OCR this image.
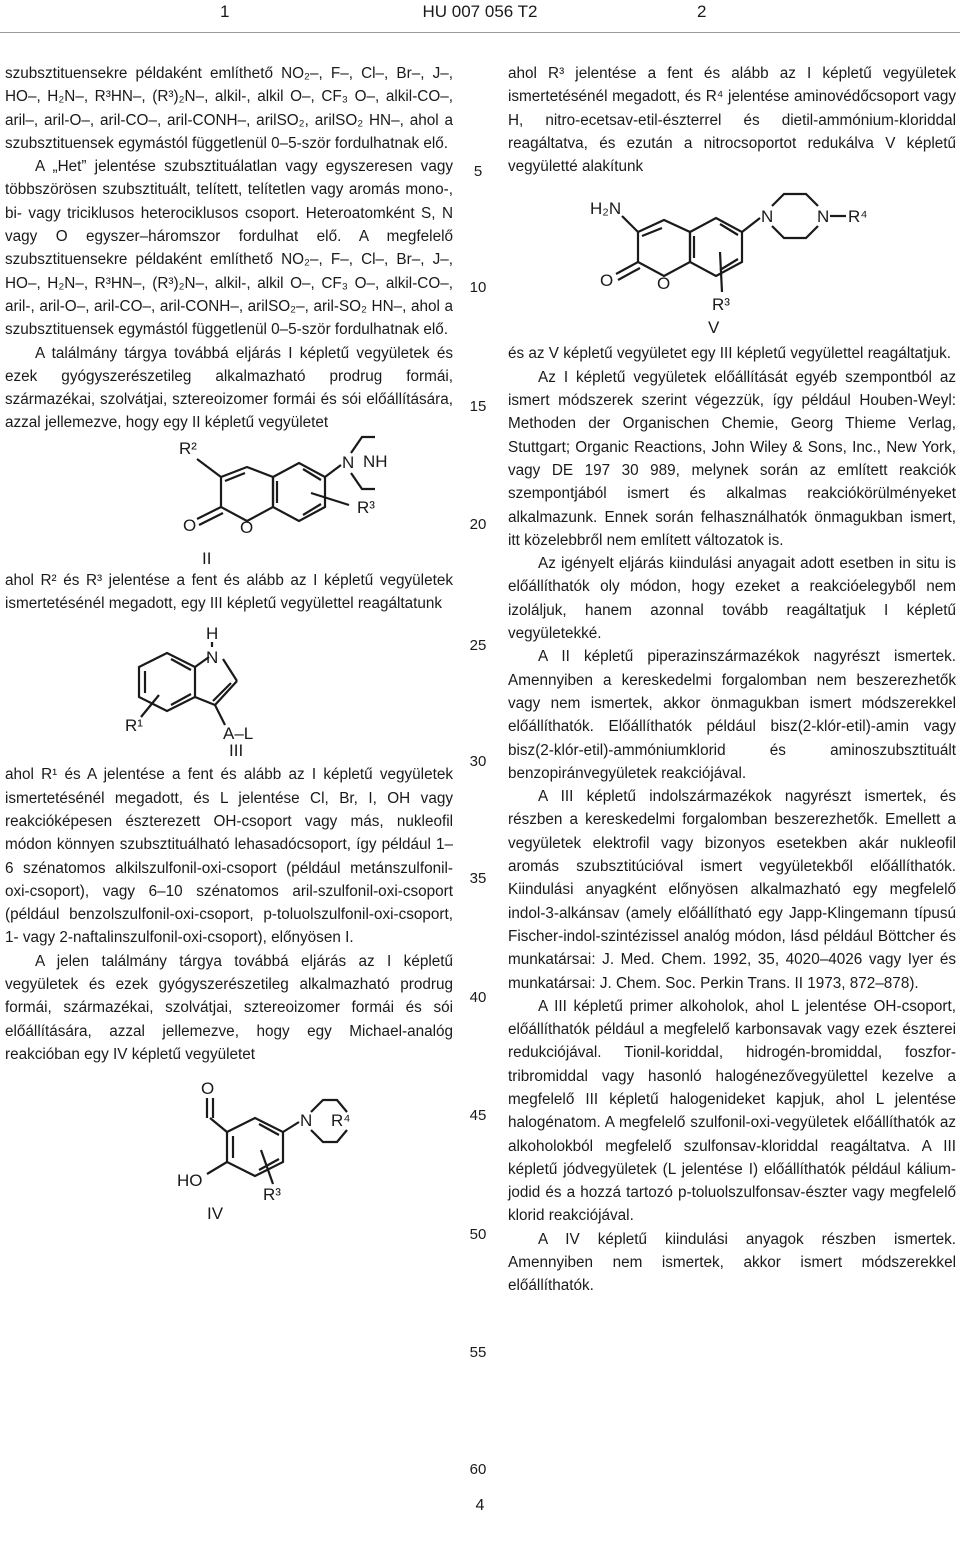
1	HU 007 056 T2	2
5
10
15
20
25
30
35
40
45
50
55
60

szubsztituensekre példaként említhető NO₂–, F–, Cl–, Br–, J–, HO–, H₂N–, R³HN–, (R³)₂N–, alkil-, alkil O–, CF₃ O–, alkil-CO–, aril–, aril-O–, aril-CO–, aril-CONH–, arilSO₂, arilSO₂ HN–, ahol a szubsztituensek egymástól függetlenül 0–5-ször fordulhatnak elő.

A „Het” jelentése szubsztituálatlan vagy egyszeresen vagy többszörösen szubsztituált, telített, telítetlen vagy aromás mono-, bi- vagy triciklusos heterociklusos csoport. Heteroatomként S, N vagy O egyszer–háromszor fordulhat elő. A megfelelő szubsztituensekre példaként említhető NO₂–, F–, Cl–, Br–, J–, HO–, H₂N–, R³HN–, (R³)₂N–, alkil-, alkil O–, CF₃ O–, alkil-CO–, aril-, aril-O–, aril-CO–, aril-CONH–, arilSO₂–, aril-SO₂ HN–, ahol a szubsztituensek egymástól függetlenül 0–5-ször fordulhatnak elő.

A találmány tárgya továbbá eljárás I képletű vegyületek és ezek gyógyszerészetileg alkalmazható prodrug formái, származékai, szolvátjai, sztereoizomer formái és sói előállítására, azzal jellemezve, hogy egy II képletű vegyületet

R²
O	O
N
R³
NH
II

ahol R² és R³ jelentése a fent és alább az I képletű vegyületek ismertetésénél megadott, egy III képletű vegyülettel reagáltatunk

H
N
A–L
R¹
III

ahol R¹ és A jelentése a fent és alább az I képletű vegyületek ismertetésénél megadott, és L jelentése Cl, Br, I, OH vagy reakcióképesen észterezett OH-csoport vagy más, nukleofil módon könnyen szubsztituálható lehasadócsoport, így például 1–6 szénatomos alkilszulfonil-oxi-csoport (például metánszulfonil-oxi-csoport), vagy 6–10 szénatomos aril-szulfonil-oxi-csoport (például benzolszulfonil-oxi-csoport, p-toluolszulfonil-oxi-csoport, 1- vagy 2-naftalinszulfonil-oxi-csoport), előnyösen I.

A jelen találmány tárgya továbbá eljárás az I képletű vegyületek és ezek gyógyszerészetileg alkalmazható prodrug formái, származékai, szolvátjai, sztereoizomer formái és sói előállítására, azzal jellemezve, hogy egy Michael-analóg reakcióban egy IV képletű vegyületet

O
HO
N R⁴
R³
IV

ahol R³ jelentése a fent és alább az I képletű vegyületek ismertetésénél megadott, és R⁴ jelentése aminovédőcsoport vagy H, nitro-ecetsav-etil-észterrel és dietil-ammónium-kloriddal reagáltatva, és ezután a nitrocsoportot redukálva V képletű vegyületté alakítunk

H₂N
O	O
N	N R⁴
R³
V

és az V képletű vegyületet egy III képletű vegyülettel reagáltatjuk.

Az I képletű vegyületek előállítását egyéb szempontból az ismert módszerek szerint végezzük, így például Houben-Weyl: Methoden der Organischen Chemie, Georg Thieme Verlag, Stuttgart; Organic Reactions, John Wiley & Sons, Inc., New York, vagy DE 197 30 989, melynek során az említett reakciók szempontjából ismert és alkalmas reakciókörülményeket alkalmazunk. Ennek során felhasználhatók önmagukban ismert, itt közelebbről nem említett változatok is.

Az igényelt eljárás kiindulási anyagait adott esetben in situ is előállíthatók oly módon, hogy ezeket a reakcióelegyből nem izoláljuk, hanem azonnal tovább reagáltatjuk I képletű vegyületekké.

A II képletű piperazinszármazékok nagyrészt ismertek. Amennyiben a kereskedelmi forgalomban nem beszerezhetők vagy nem ismertek, akkor önmagukban ismert módszerekkel előállíthatók. Előállíthatók például bisz(2-klór-etil)-amin vagy bisz(2-klór-etil)-ammóniumklorid és aminoszubsztituált benzopiránvegyületek reakciójával.

A III képletű indolszármazékok nagyrészt ismertek, és részben a kereskedelmi forgalomban beszerezhetők. Emellett a vegyületek elektrofil vagy bizonyos esetekben akár nukleofil aromás szubsztitúcióval ismert vegyületekből előállíthatók. Kiindulási anyagként előnyösen alkalmazható egy megfelelő indol-3-alkánsav (amely előállítható egy Japp-Klingemann típusú Fischer-indol-szintézissel analóg módon, lásd például Böttcher és munkatársai: J. Med. Chem. 1992, 35, 4020–4026 vagy Iyer és munkatársai: J. Chem. Soc. Perkin Trans. II 1973, 872–878).

A III képletű primer alkoholok, ahol L jelentése OH-csoport, előállíthatók például a megfelelő karbonsavak vagy ezek észterei redukciójával. Tionil-koriddal, hidrogén-bromiddal, foszfor-tribromiddal vagy hasonló halogénezővegyülettel kezelve a megfelelő III képletű halogenideket kapjuk, ahol L jelentése halogénatom. A megfelelő szulfonil-oxi-vegyületek előállíthatók az alkoholokból megfelelő szulfonsav-kloriddal reagáltatva. A III képletű jódvegyületek (L jelentése I) előállíthatók például kálium-jodid és a hozzá tartozó p-toluolszulfonsav-észter vagy megfelelő klorid reakciójával.

A IV képletű kiindulási anyagok részben ismertek. Amennyiben nem ismertek, akkor ismert módszerekkel előállíthatók.

4
